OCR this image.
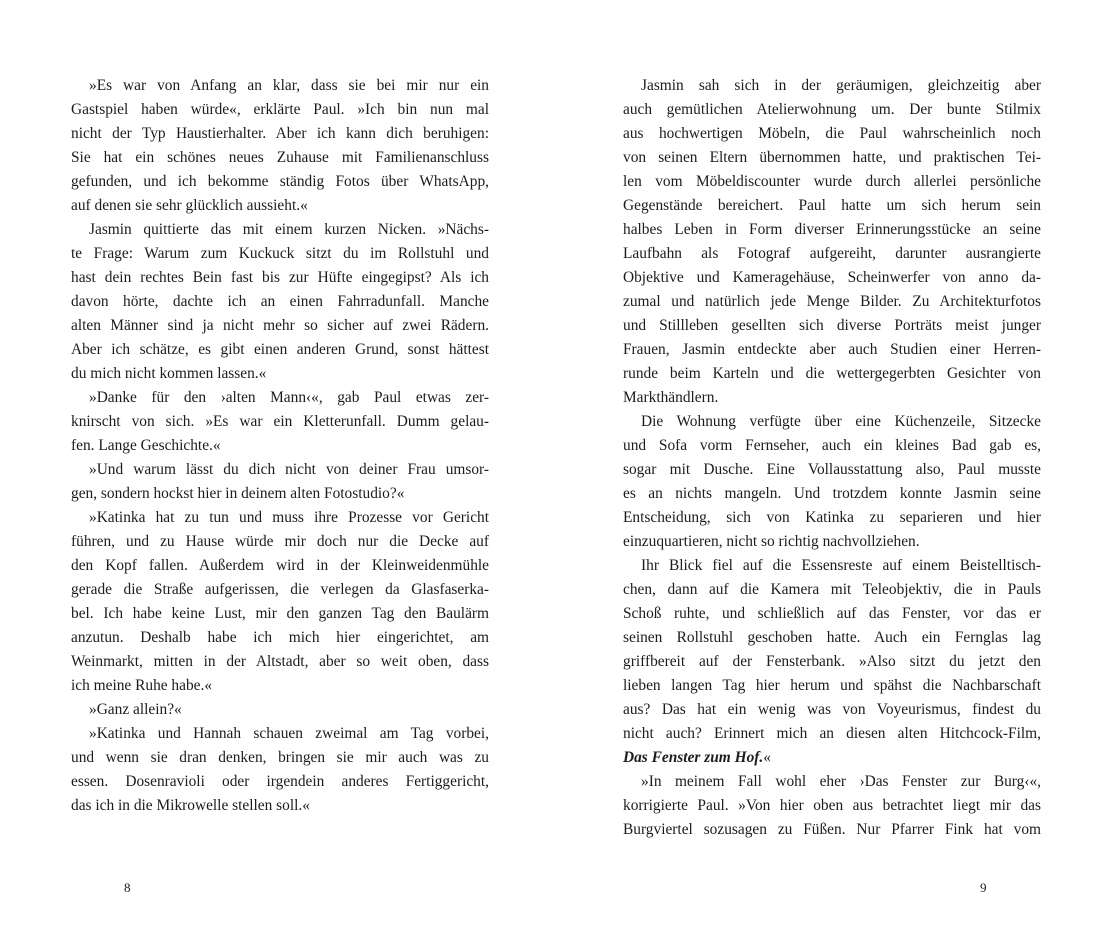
»Es war von Anfang an klar, dass sie bei mir nur ein
Gastspiel haben würde«, erklärte Paul. »Ich bin nun mal
nicht der Typ Haustierhalter. Aber ich kann dich beruhigen:
Sie hat ein schönes neues Zuhause mit Familienanschluss
gefunden, und ich bekomme ständig Fotos über WhatsApp,
auf denen sie sehr glücklich aussieht.«
Jasmin quittierte das mit einem kurzen Nicken. »Nächs-
te Frage: Warum zum Kuckuck sitzt du im Rollstuhl und
hast dein rechtes Bein fast bis zur Hüfte eingegipst? Als ich
davon hörte, dachte ich an einen Fahrradunfall. Manche
alten Männer sind ja nicht mehr so sicher auf zwei Rädern.
Aber ich schätze, es gibt einen anderen Grund, sonst hättest
du mich nicht kommen lassen.«
»Danke für den ›alten Mann‹«, gab Paul etwas zer-
knirscht von sich. »Es war ein Kletterunfall. Dumm gelau-
fen. Lange Geschichte.«
»Und warum lässt du dich nicht von deiner Frau umsor-
gen, sondern hockst hier in deinem alten Fotostudio?«
»Katinka hat zu tun und muss ihre Prozesse vor Gericht
führen, und zu Hause würde mir doch nur die Decke auf
den Kopf fallen. Außerdem wird in der Kleinweidenmühle
gerade die Straße aufgerissen, die verlegen da Glasfaserka-
bel. Ich habe keine Lust, mir den ganzen Tag den Baulärm
anzutun. Deshalb habe ich mich hier eingerichtet, am
Weinmarkt, mitten in der Altstadt, aber so weit oben, dass
ich meine Ruhe habe.«
»Ganz allein?«
»Katinka und Hannah schauen zweimal am Tag vorbei,
und wenn sie dran denken, bringen sie mir auch was zu
essen. Dosenravioli oder irgendein anderes Fertiggericht,
das ich in die Mikrowelle stellen soll.«
Jasmin sah sich in der geräumigen, gleichzeitig aber
auch gemütlichen Atelierwohnung um. Der bunte Stilmix
aus hochwertigen Möbeln, die Paul wahrscheinlich noch
von seinen Eltern übernommen hatte, und praktischen Tei-
len vom Möbeldiscounter wurde durch allerlei persönliche
Gegenstände bereichert. Paul hatte um sich herum sein
halbes Leben in Form diverser Erinnerungsstücke an seine
Laufbahn als Fotograf aufgereiht, darunter ausrangierte
Objektive und Kameragehäuse, Scheinwerfer von anno da-
zumal und natürlich jede Menge Bilder. Zu Architekturfotos
und Stillleben gesellten sich diverse Porträts meist junger
Frauen, Jasmin entdeckte aber auch Studien einer Herren-
runde beim Karteln und die wettergegerbten Gesichter von
Markthändlern.
Die Wohnung verfügte über eine Küchenzeile, Sitzecke
und Sofa vorm Fernseher, auch ein kleines Bad gab es,
sogar mit Dusche. Eine Vollausstattung also, Paul musste
es an nichts mangeln. Und trotzdem konnte Jasmin seine
Entscheidung, sich von Katinka zu separieren und hier
einzuquartieren, nicht so richtig nachvollziehen.
Ihr Blick fiel auf die Essensreste auf einem Beistelltisch-
chen, dann auf die Kamera mit Teleobjektiv, die in Pauls
Schoß ruhte, und schließlich auf das Fenster, vor das er
seinen Rollstuhl geschoben hatte. Auch ein Fernglas lag
griffbereit auf der Fensterbank. »Also sitzt du jetzt den
lieben langen Tag hier herum und spähst die Nachbarschaft
aus? Das hat ein wenig was von Voyeurismus, findest du
nicht auch? Erinnert mich an diesen alten Hitchcock-Film,
Das Fenster zum Hof.«
»In meinem Fall wohl eher ›Das Fenster zur Burg‹«,
korrigierte Paul. »Von hier oben aus betrachtet liegt mir das
Burgviertel sozusagen zu Füßen. Nur Pfarrer Fink hat vom
8	9
